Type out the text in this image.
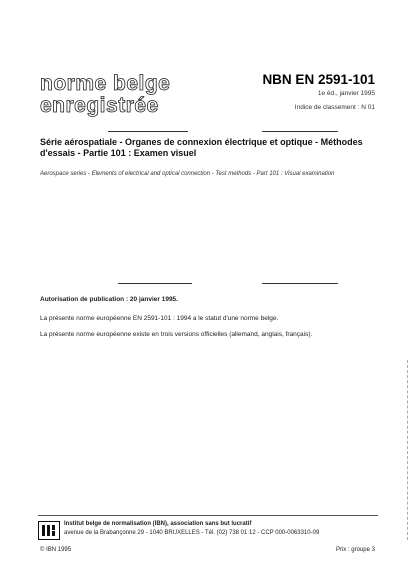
norme belge
enregistrée
NBN EN 2591-101
1e éd., janvier 1995
Indice de classement : N 01
Série aérospatiale - Organes de connexion électrique et optique - Méthodes d'essais - Partie 101 : Examen visuel
Aerospace series - Elements of electrical and optical connection - Test methods - Part 101 : Visual examination
Autorisation de publication : 20 janvier 1995.
La présente norme européenne EN 2591-101 : 1994 a le statut d'une norme belge.
La présente norme européenne existe en trois versions officielles (allemand, anglais, français).
Institut belge de normalisation (IBN), association sans but lucratif
avenue de la Brabançonne 29 - 1040 BRUXELLES - Tél. (02) 738 01 12 - CCP 000-0063310-09
© IBN 1995	Prix : groupe 3
